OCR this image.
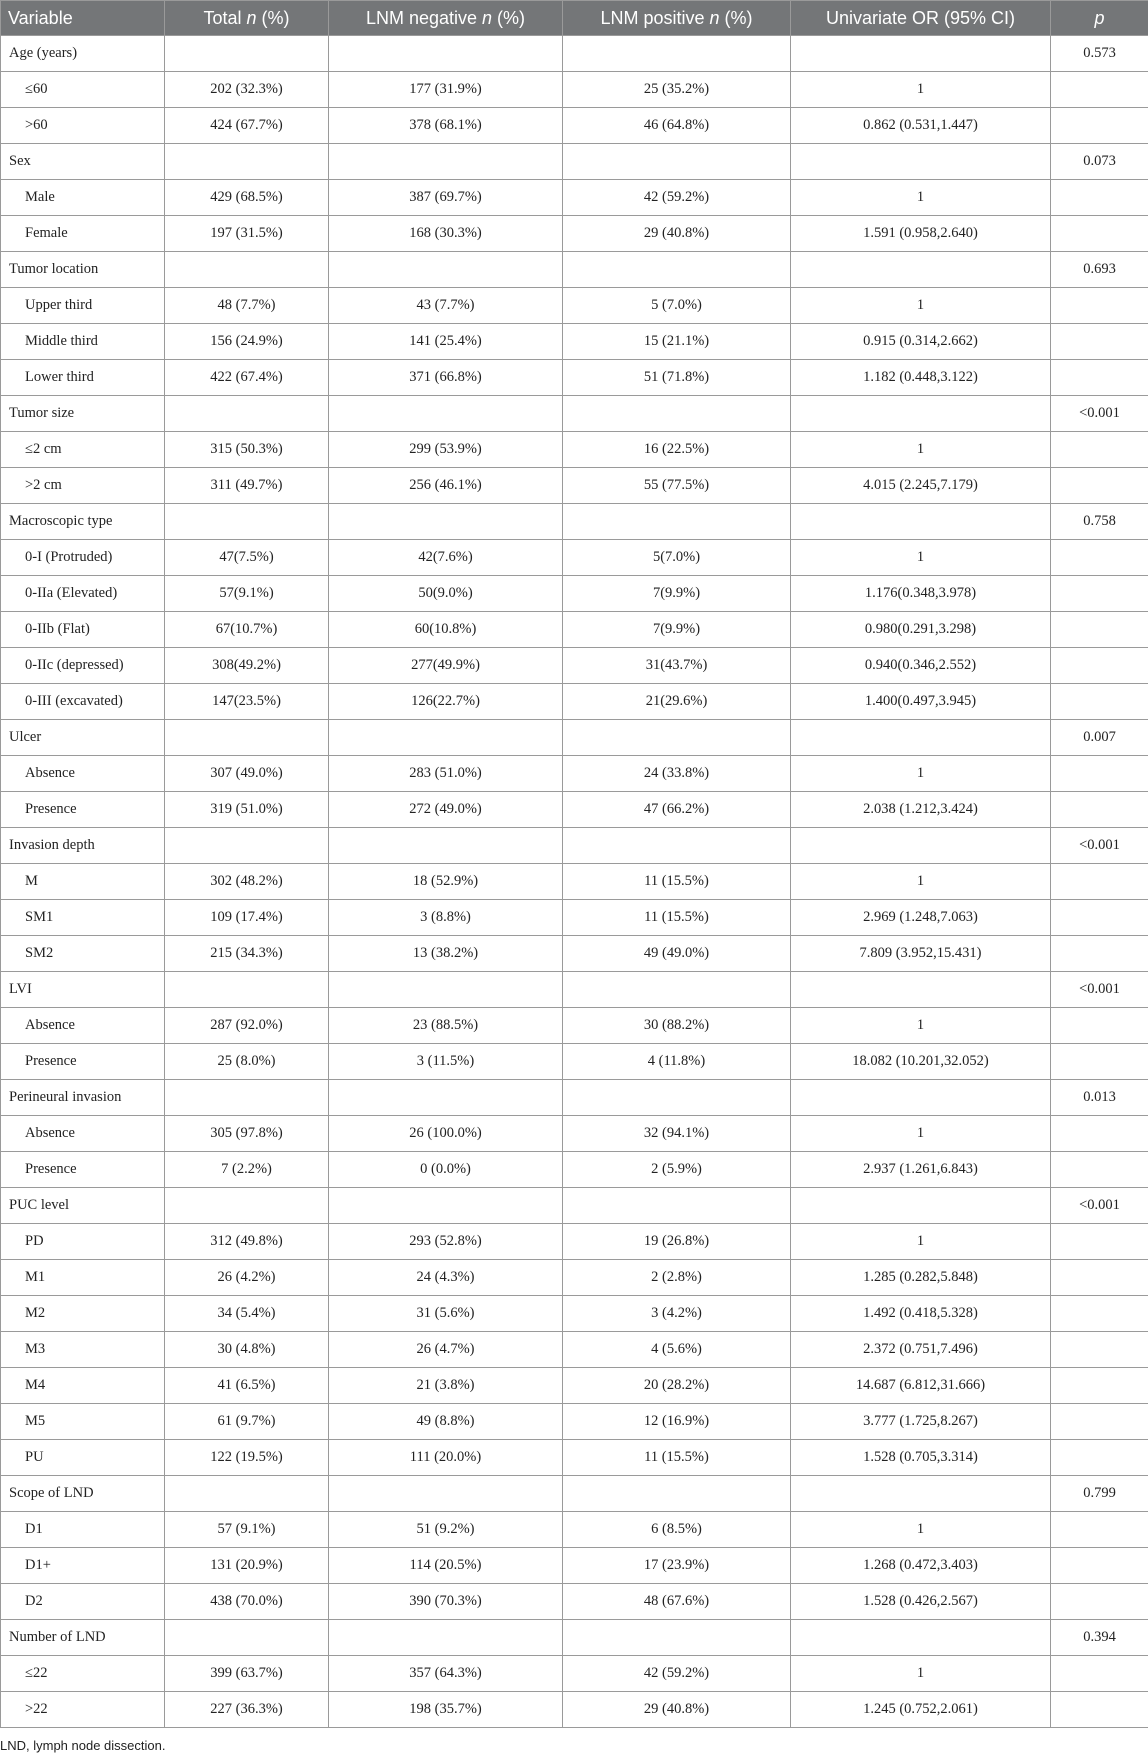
Variable	Total n (%)	LNM negative n (%)	LNM positive n (%)	Univariate OR (95% CI)	p
Age (years)					0.573
≤60	202 (32.3%)	177 (31.9%)	25 (35.2%)	1	
>60	424 (67.7%)	378 (68.1%)	46 (64.8%)	0.862 (0.531,1.447)	
Sex					0.073
Male	429 (68.5%)	387 (69.7%)	42 (59.2%)	1	
Female	197 (31.5%)	168 (30.3%)	29 (40.8%)	1.591 (0.958,2.640)	
Tumor location					0.693
Upper third	48 (7.7%)	43 (7.7%)	5 (7.0%)	1	
Middle third	156 (24.9%)	141 (25.4%)	15 (21.1%)	0.915 (0.314,2.662)	
Lower third	422 (67.4%)	371 (66.8%)	51 (71.8%)	1.182 (0.448,3.122)	
Tumor size					<0.001
≤2 cm	315 (50.3%)	299 (53.9%)	16 (22.5%)	1	
>2 cm	311 (49.7%)	256 (46.1%)	55 (77.5%)	4.015 (2.245,7.179)	
Macroscopic type					0.758
0-I (Protruded)	47(7.5%)	42(7.6%)	5(7.0%)	1	
0-IIa (Elevated)	57(9.1%)	50(9.0%)	7(9.9%)	1.176(0.348,3.978)	
0-IIb (Flat)	67(10.7%)	60(10.8%)	7(9.9%)	0.980(0.291,3.298)	
0-IIc (depressed)	308(49.2%)	277(49.9%)	31(43.7%)	0.940(0.346,2.552)	
0-III (excavated)	147(23.5%)	126(22.7%)	21(29.6%)	1.400(0.497,3.945)	
Ulcer					0.007
Absence	307 (49.0%)	283 (51.0%)	24 (33.8%)	1	
Presence	319 (51.0%)	272 (49.0%)	47 (66.2%)	2.038 (1.212,3.424)	
Invasion depth					<0.001
M	302 (48.2%)	18 (52.9%)	11 (15.5%)	1	
SM1	109 (17.4%)	3 (8.8%)	11 (15.5%)	2.969 (1.248,7.063)	
SM2	215 (34.3%)	13 (38.2%)	49 (49.0%)	7.809 (3.952,15.431)	
LVI					<0.001
Absence	287 (92.0%)	23 (88.5%)	30 (88.2%)	1	
Presence	25 (8.0%)	3 (11.5%)	4 (11.8%)	18.082 (10.201,32.052)	
Perineural invasion					0.013
Absence	305 (97.8%)	26 (100.0%)	32 (94.1%)	1	
Presence	7 (2.2%)	0 (0.0%)	2 (5.9%)	2.937 (1.261,6.843)	
PUC level					<0.001
PD	312 (49.8%)	293 (52.8%)	19 (26.8%)	1	
M1	26 (4.2%)	24 (4.3%)	2 (2.8%)	1.285 (0.282,5.848)	
M2	34 (5.4%)	31 (5.6%)	3 (4.2%)	1.492 (0.418,5.328)	
M3	30 (4.8%)	26 (4.7%)	4 (5.6%)	2.372 (0.751,7.496)	
M4	41 (6.5%)	21 (3.8%)	20 (28.2%)	14.687 (6.812,31.666)	
M5	61 (9.7%)	49 (8.8%)	12 (16.9%)	3.777 (1.725,8.267)	
PU	122 (19.5%)	111 (20.0%)	11 (15.5%)	1.528 (0.705,3.314)	
Scope of LND					0.799
D1	57 (9.1%)	51 (9.2%)	6 (8.5%)	1	
D1+	131 (20.9%)	114 (20.5%)	17 (23.9%)	1.268 (0.472,3.403)	
D2	438 (70.0%)	390 (70.3%)	48 (67.6%)	1.528 (0.426,2.567)	
Number of LND					0.394
≤22	399 (63.7%)	357 (64.3%)	42 (59.2%)	1	
>22	227 (36.3%)	198 (35.7%)	29 (40.8%)	1.245 (0.752,2.061)	
LND, lymph node dissection.
